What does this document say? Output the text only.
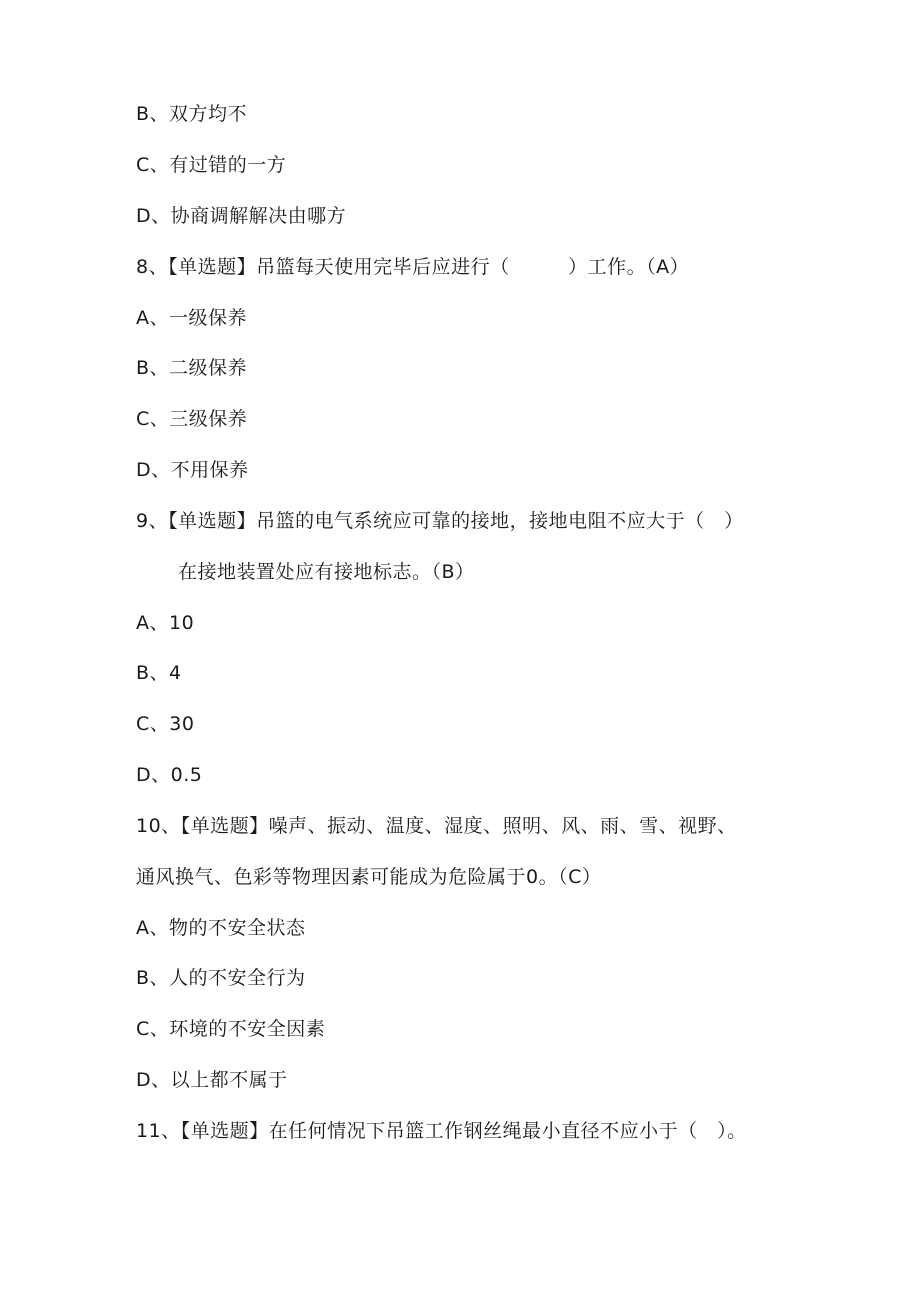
B、双方均不
C、有过错的一方
D、协商调解解决由哪方
8、【单选题】吊篮每天使用完毕后应进行（　　　）工作。（A）
A、一级保养
B、二级保养
C、三级保养
D、不用保养
9、【单选题】吊篮的电气系统应可靠的接地，接地电阻不应大于（　）
在接地装置处应有接地标志。（B）
A、10
B、4
C、30
D、0.5
10、【单选题】噪声、振动、温度、湿度、照明、风、雨、雪、视野、
通风换气、色彩等物理因素可能成为危险属于0。（C）
A、物的不安全状态
B、人的不安全行为
C、环境的不安全因素
D、以上都不属于
11、【单选题】在任何情况下吊篮工作钢丝绳最小直径不应小于（　）。
